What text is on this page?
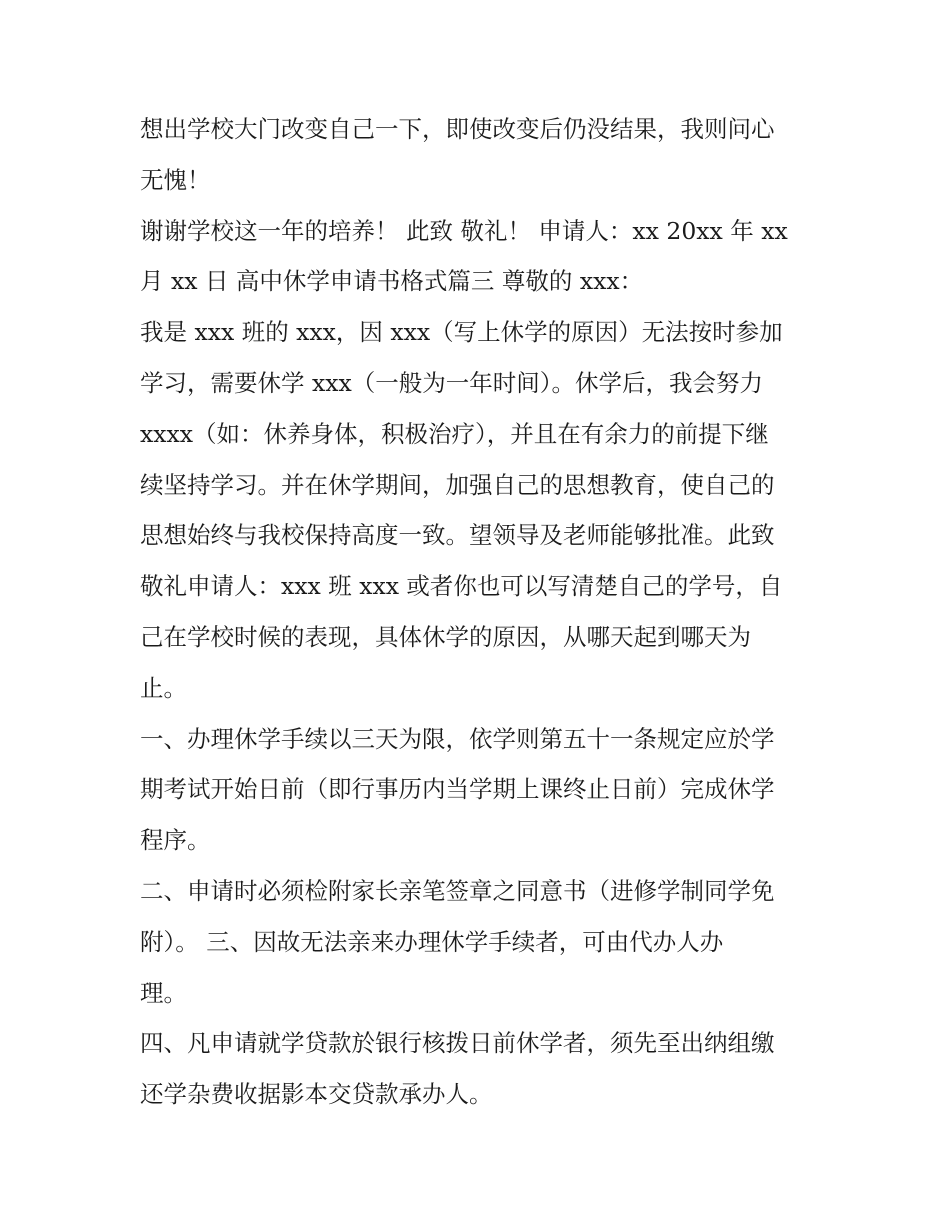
想出学校大门改变自己一下，即使改变后仍没结果，我则问心
无愧！
谢谢学校这一年的培养！ 此致 敬礼！ 申请人：xx 20xx 年 xx
月 xx 日 高中休学申请书格式篇三 尊敬的 xxx：
我是 xxx 班的 xxx，因 xxx（写上休学的原因）无法按时参加
学习，需要休学 xxx（一般为一年时间）。休学后，我会努力
xxxx（如：休养身体，积极治疗），并且在有余力的前提下继
续坚持学习。并在休学期间，加强自己的思想教育，使自己的
思想始终与我校保持高度一致。望领导及老师能够批准。此致
敬礼申请人：xxx 班 xxx 或者你也可以写清楚自己的学号，自
己在学校时候的表现，具体休学的原因，从哪天起到哪天为
止。
一、办理休学手续以三天为限，依学则第五十一条规定应於学
期考试开始日前（即行事历内当学期上课终止日前）完成休学
程序。
二、申请时必须检附家长亲笔签章之同意书（进修学制同学免
附）。 三、因故无法亲来办理休学手续者，可由代办人办
理。
四、凡申请就学贷款於银行核拨日前休学者，须先至出纳组缴
还学杂费收据影本交贷款承办人。
